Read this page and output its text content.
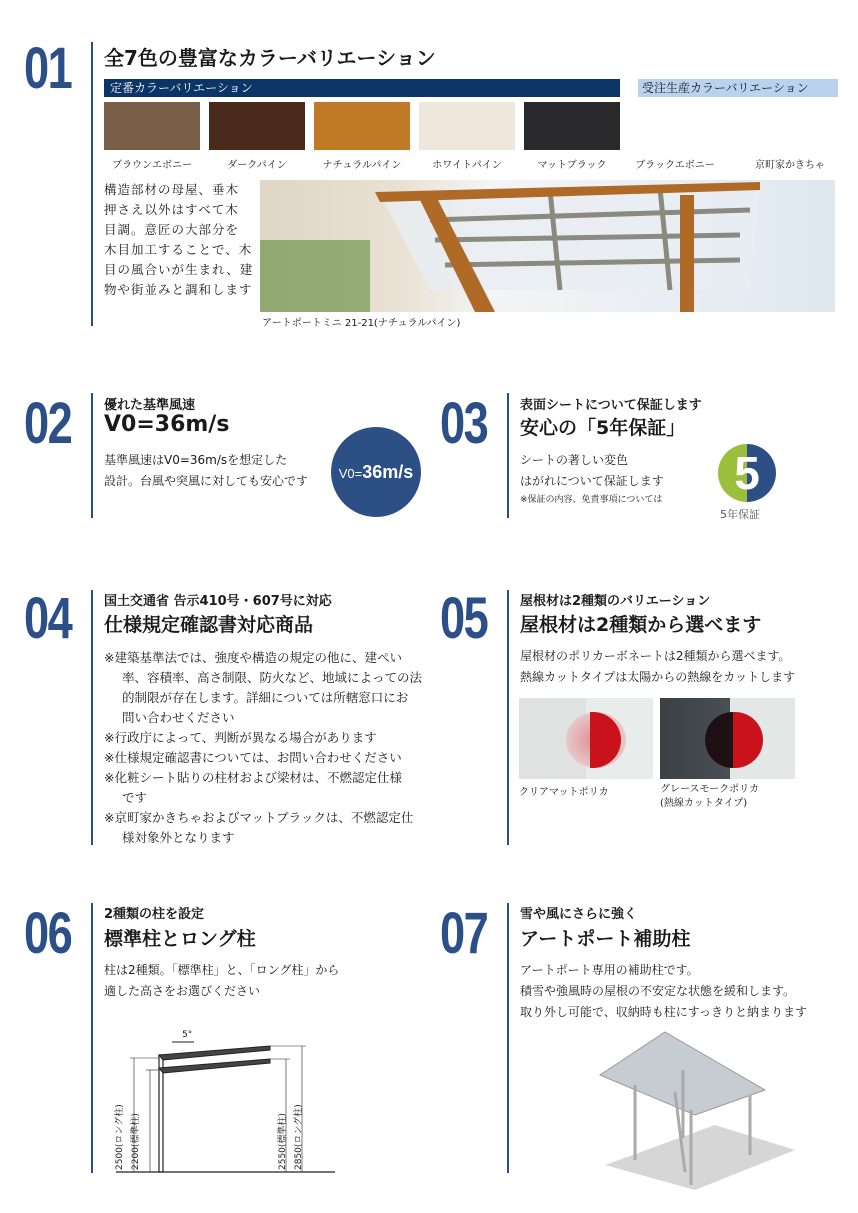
01 全7色の豊富なカラーバリエーション
定番カラーバリエーション	受注生産カラーバリエーション
ブラウンエボニー	ダークパイン	ナチュラルパイン	ホワイトパイン	マットブラック	ブラックエボニー	京町家かきちゃ
構造部材の母屋、垂木
押さえ以外はすべて木
目調。意匠の大部分を
木目加工することで、木
目の風合いが生まれ、建
物や街並みと調和します
アートポートミニ 21-21(ナチュラルパイン)
02	優れた基準風速
V0=36m/s
基準風速はV0=36m/sを想定した
設計。台風や突風に対しても安心です	V0=36m/s
03	表面シートについて保証します
安心の「5年保証」
シートの著しい変色
はがれについて保証します
※保証の内容、免責事項については
5
5年保証
04	国土交通省 告示410号・607号に対応
仕様規定確認書対応商品
※建築基準法では、強度や構造の規定の他に、建ぺい
率、容積率、高さ制限、防火など、地域によっての法
的制限が存在します。詳細については所轄窓口にお
問い合わせください
※行政庁によって、判断が異なる場合があります
※仕様規定確認書については、お問い合わせください
※化粧シート貼りの柱材および梁材は、不燃認定仕様
です
※京町家かきちゃおよびマットブラックは、不燃認定仕
様対象外となります
05	屋根材は2種類のバリエーション
屋根材は2種類から選べます
屋根材のポリカーボネートは2種類から選べます。
熱線カットタイプは太陽からの熱線をカットします
クリアマットポリカ	グレースモークポリカ
(熱線カットタイプ)
06	2種類の柱を設定
標準柱とロング柱
柱は2種類。「標準柱」と、「ロング柱」から
適した高さをお選びください
5°
2500(ロング柱) 2200(標準柱)	2550(標準柱) 2850(ロング柱)
07	雪や風にさらに強く
アートポート補助柱
アートポート専用の補助柱です。
積雪や強風時の屋根の不安定な状態を緩和します。
取り外し可能で、収納時も柱にすっきりと納まります
